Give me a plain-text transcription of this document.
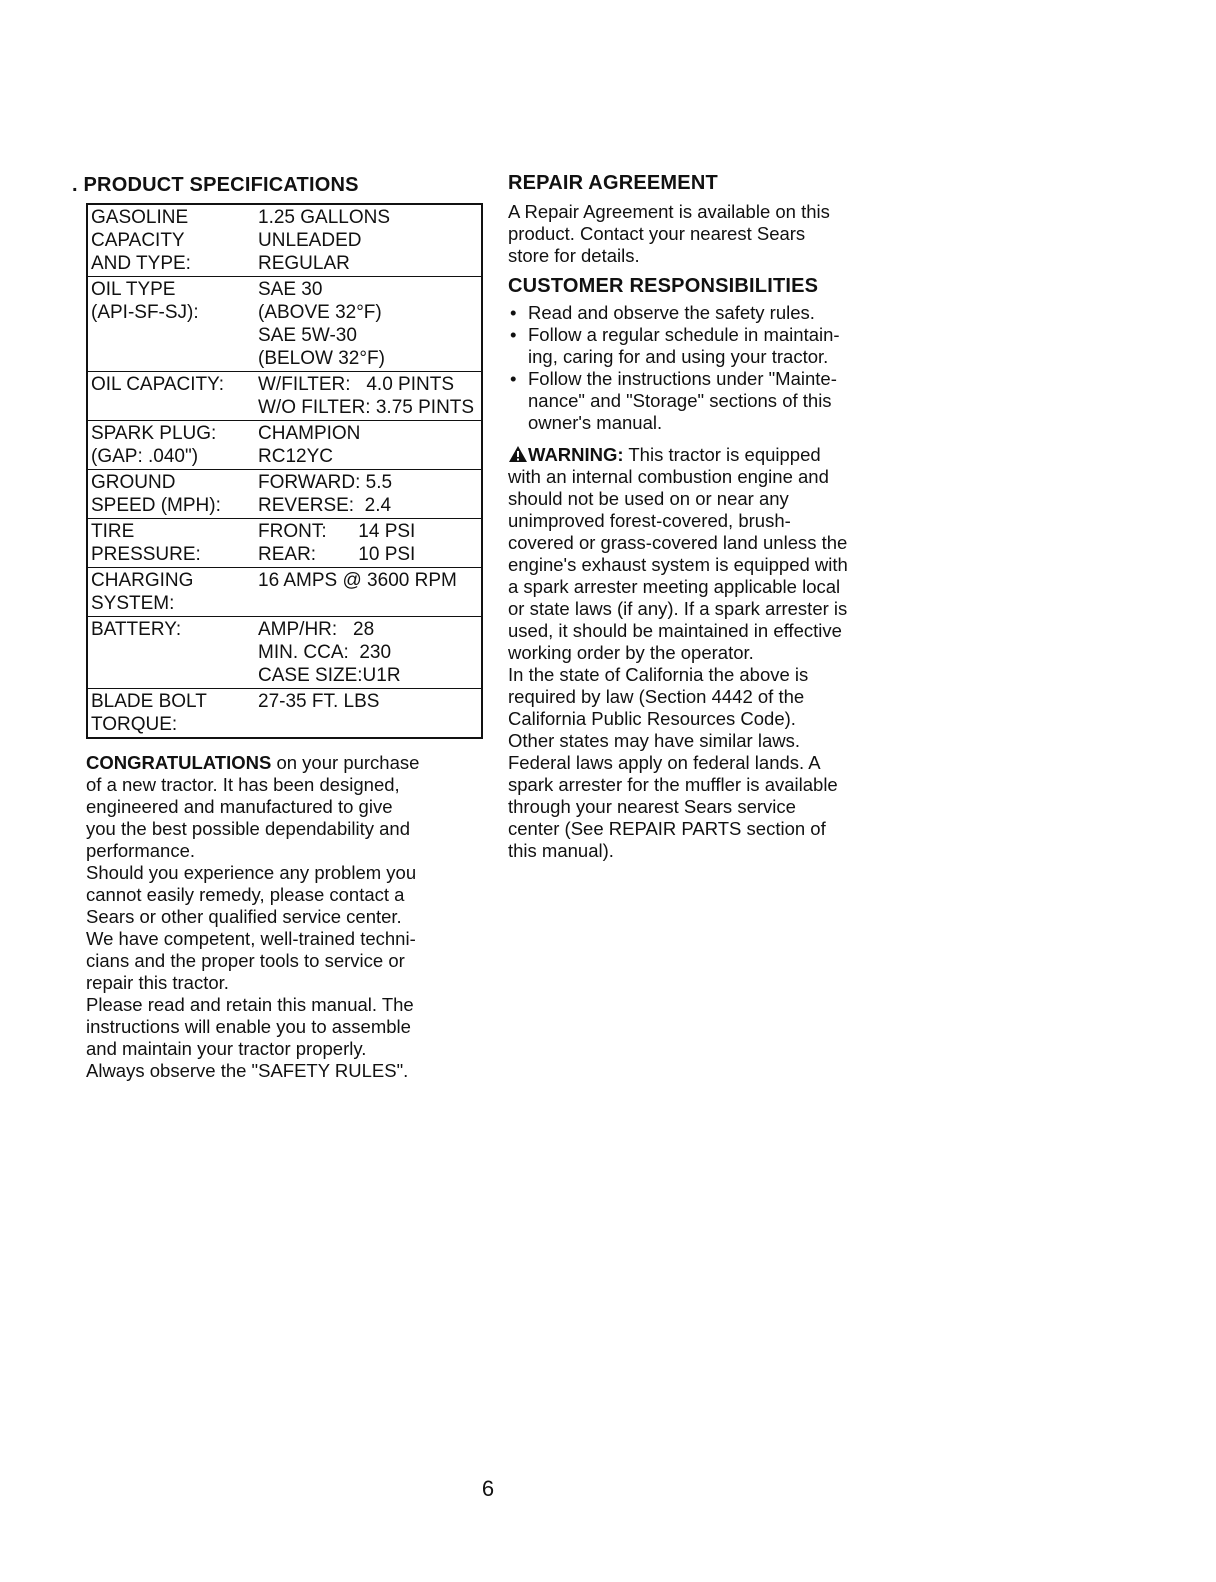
. PRODUCT SPECIFICATIONS
GASOLINE
CAPACITY
AND TYPE:	1.25 GALLONS
UNLEADED
REGULAR

OIL TYPE
(API-SF-SJ):	SAE 30
(ABOVE 32°F)
SAE 5W-30
(BELOW 32°F)

OIL CAPACITY:	W/FILTER:   4.0 PINTS
W/O FILTER: 3.75 PINTS

SPARK PLUG:
(GAP: .040")	CHAMPION
RC12YC

GROUND
SPEED (MPH):	FORWARD: 5.5
REVERSE:  2.4

TIRE
PRESSURE:	FRONT:      14 PSI
REAR:        10 PSI

CHARGING
SYSTEM:	16 AMPS @ 3600 RPM

BATTERY:	AMP/HR:   28
MIN. CCA:  230
CASE SIZE:U1R

BLADE BOLT
TORQUE:	27-35 FT. LBS

CONGRATULATIONS on your purchase
of a new tractor. It has been designed,
engineered and manufactured to give
you the best possible dependability and
performance.
Should you experience any problem you
cannot easily remedy, please contact a
Sears or other qualified service center.
We have competent, well-trained techni-
cians and the proper tools to service or
repair this tractor.
Please read and retain this manual. The
instructions will enable you to assemble
and maintain your tractor properly.
Always observe the "SAFETY RULES".

REPAIR AGREEMENT

A Repair Agreement is available on this
product. Contact your nearest Sears
store for details.

CUSTOMER RESPONSIBILITIES
• Read and observe the safety rules.
• Follow a regular schedule in maintain-
ing, caring for and using your tractor.
• Follow the instructions under "Mainte-
nance" and "Storage" sections of this
owner's manual.

WARNING: This tractor is equipped
with an internal combustion engine and
should not be used on or near any
unimproved forest-covered, brush-
covered or grass-covered land unless the
engine's exhaust system is equipped with
a spark arrester meeting applicable local
or state laws (if any). If a spark arrester is
used, it should be maintained in effective
working order by the operator.
In the state of California the above is
required by law (Section 4442 of the
California Public Resources Code).
Other states may have similar laws.
Federal laws apply on federal lands. A
spark arrester for the muffler is available
through your nearest Sears service
center (See REPAIR PARTS section of
this manual).

6
